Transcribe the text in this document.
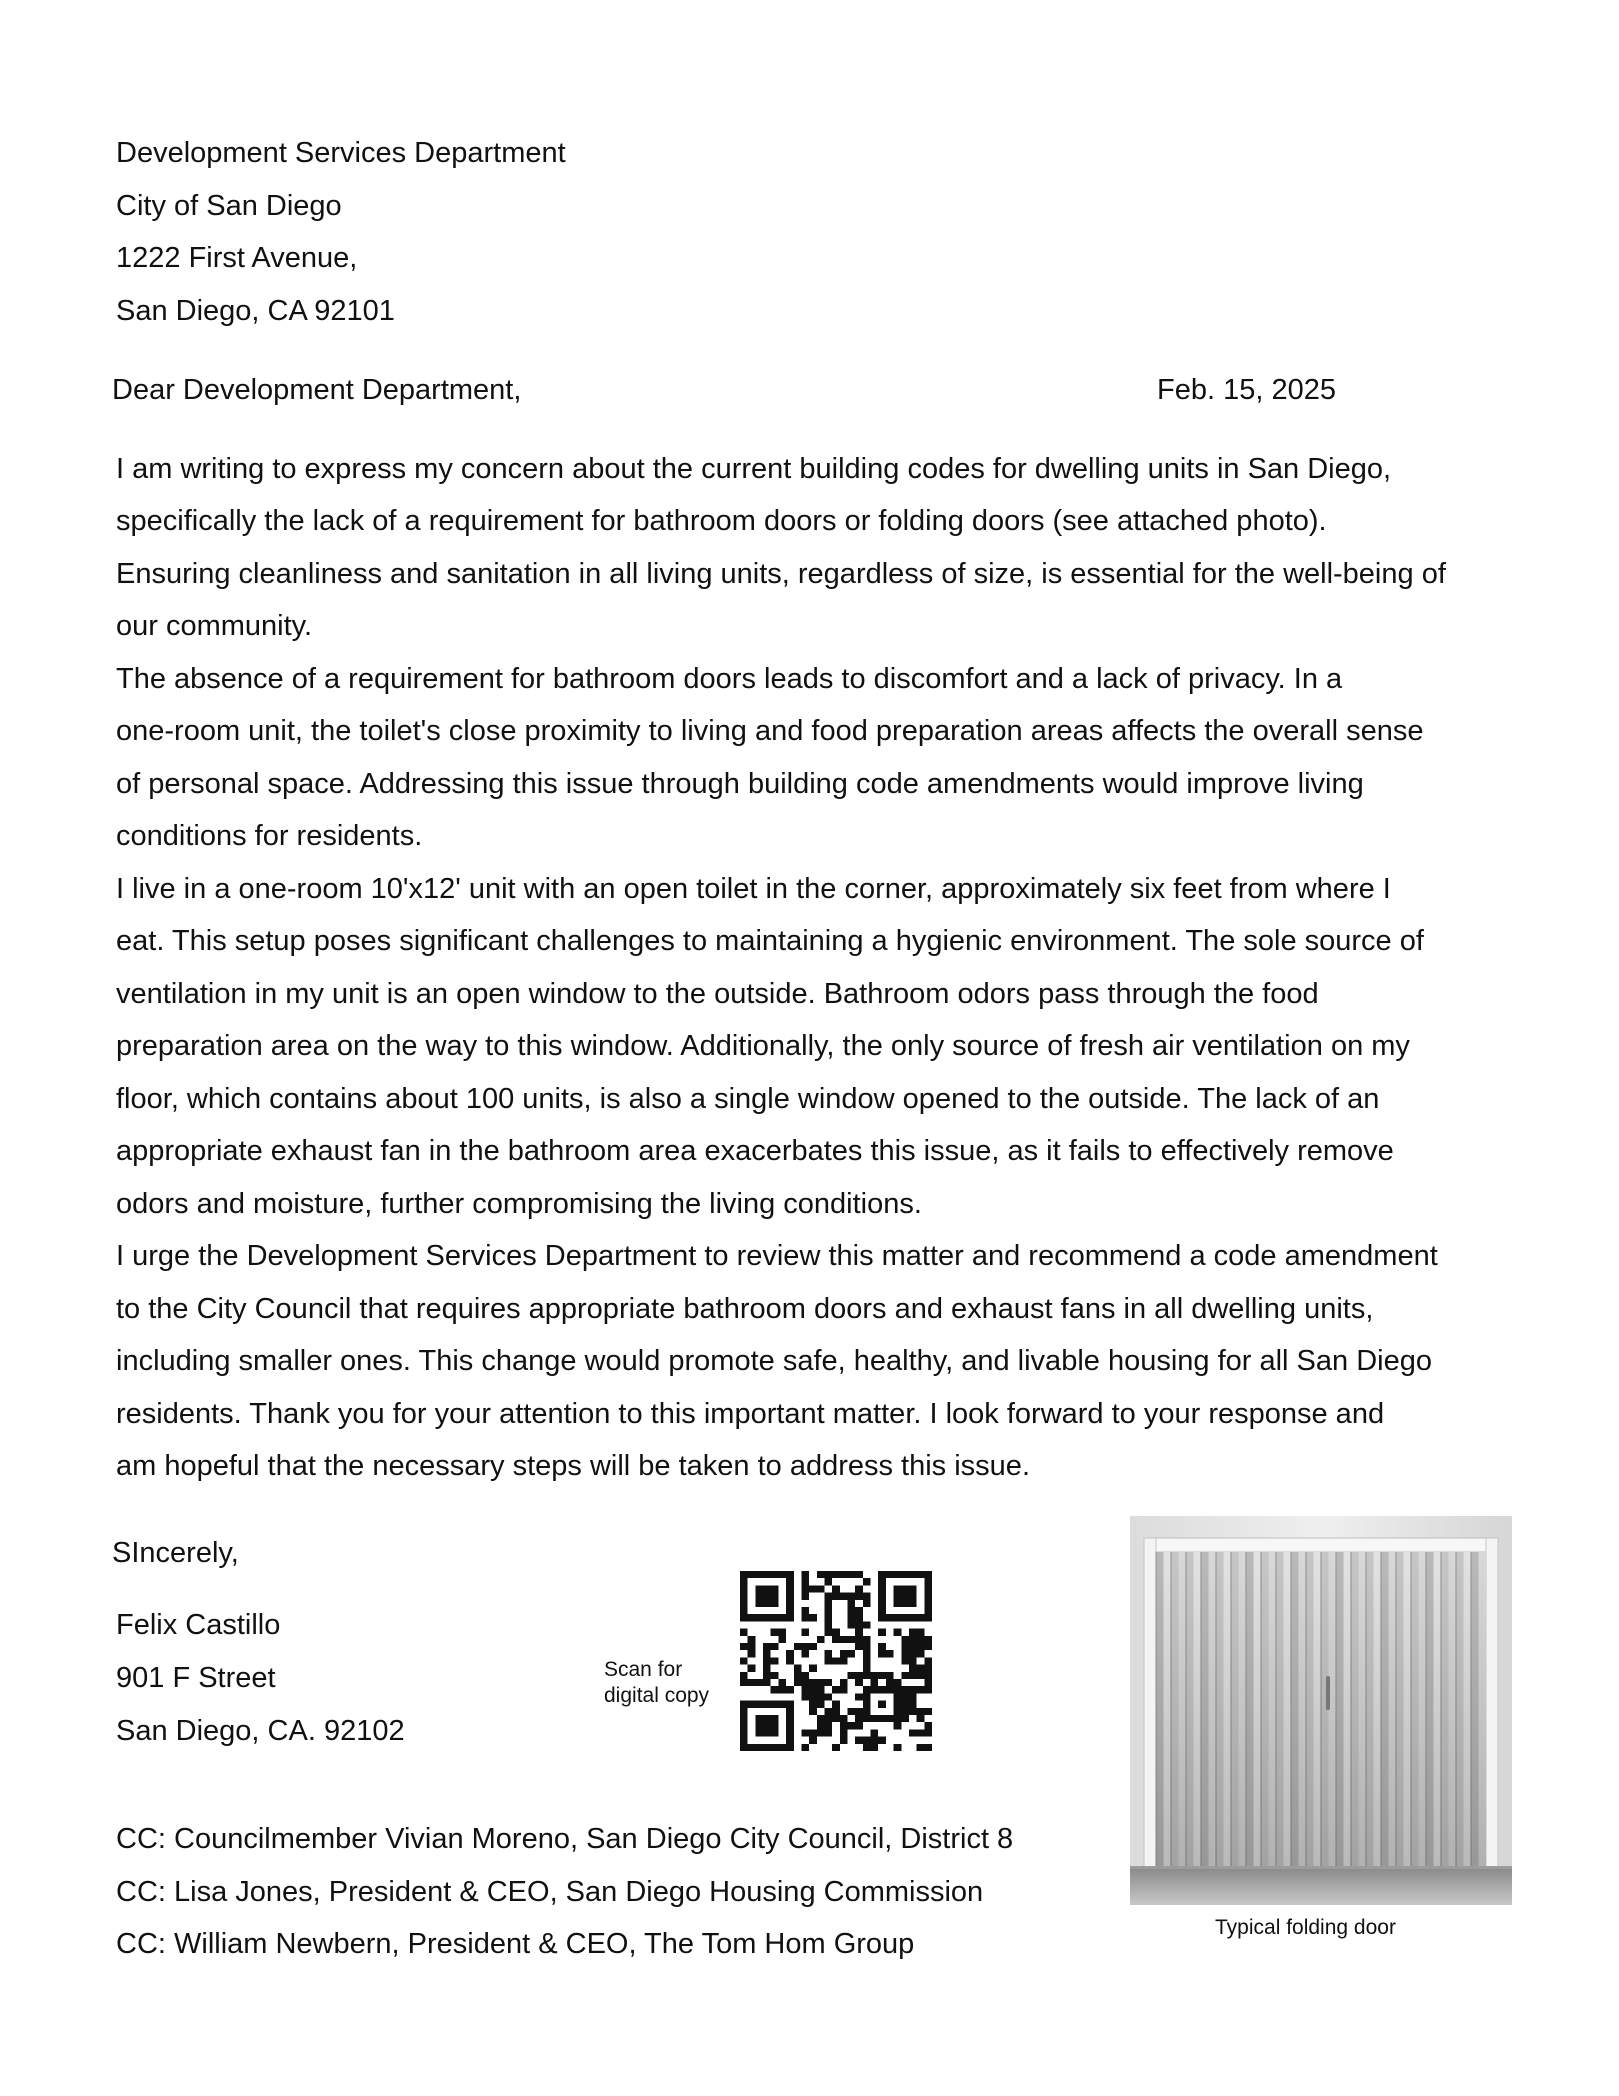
Development Services Department
City of San Diego
1222 First Avenue,
San Diego, CA 92101
Dear Development Department,	Feb. 15, 2025
I am writing to express my concern about the current building codes for dwelling units in San Diego,
specifically the lack of a requirement for bathroom doors or folding doors (see attached photo).
Ensuring cleanliness and sanitation in all living units, regardless of size, is essential for the well-being of
our community.
The absence of a requirement for bathroom doors leads to discomfort and a lack of privacy. In a
one-room unit, the toilet's close proximity to living and food preparation areas affects the overall sense
of personal space. Addressing this issue through building code amendments would improve living
conditions for residents.
I live in a one-room 10'x12' unit with an open toilet in the corner, approximately six feet from where I
eat. This setup poses significant challenges to maintaining a hygienic environment. The sole source of
ventilation in my unit is an open window to the outside. Bathroom odors pass through the food
preparation area on the way to this window. Additionally, the only source of fresh air ventilation on my
floor, which contains about 100 units, is also a single window opened to the outside. The lack of an
appropriate exhaust fan in the bathroom area exacerbates this issue, as it fails to effectively remove
odors and moisture, further compromising the living conditions.
I urge the Development Services Department to review this matter and recommend a code amendment
to the City Council that requires appropriate bathroom doors and exhaust fans in all dwelling units,
including smaller ones. This change would promote safe, healthy, and livable housing for all San Diego
residents. Thank you for your attention to this important matter. I look forward to your response and
am hopeful that the necessary steps will be taken to address this issue.
SIncerely,
Felix Castillo
901 F Street
San Diego, CA. 92102
Scan for
digital copy
Typical folding door
CC: Councilmember Vivian Moreno, San Diego City Council, District 8
CC: Lisa Jones, President & CEO, San Diego Housing Commission
CC: William Newbern, President & CEO, The Tom Hom Group
